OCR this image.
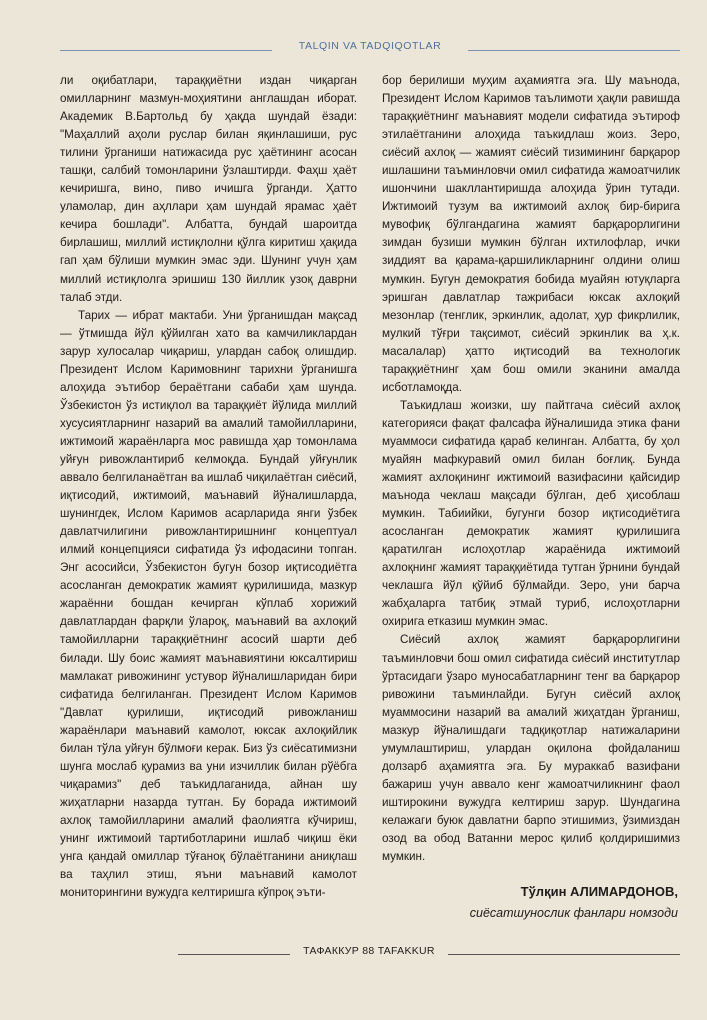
TALQIN VA TADQIQOTLAR

ли оқибатлари, тараққиётни издан чиқарган омилларнинг мазмун-моҳиятини англашдан иборат. Академик В.Бартольд бу ҳақда шундай ёзади: "Маҳаллий аҳоли руслар билан яқинлашиши, рус тилини ўрганиши натижасида рус ҳаётининг асосан ташқи, салбий томонларини ўзлаштирди. Фаҳш ҳаёт кечиришга, вино, пиво ичишга ўрганди. Ҳатто уламолар, дин аҳллари ҳам шундай ярамас ҳаёт кечира бошлади". Албатта, бундай шароитда бирлашиш, миллий истиқлолни қўлга киритиш ҳақида гап ҳам бўлиши мумкин эмас эди. Шунинг учун ҳам миллий истиқлолга эришиш 130 йиллик узоқ даврни талаб этди.

Тарих — ибрат мактаби. Уни ўрганишдан мақсад — ўтмишда йўл қўйилган хато ва камчиликлардан зарур хулосалар чиқариш, улардан сабоқ олишдир. Президент Ислом Каримовнинг тарихни ўрганишга алоҳида эътибор бераётгани сабаби ҳам шунда. Ўзбекистон ўз истиқлол ва тараққиёт йўлида миллий хусусиятларнинг назарий ва амалий тамойилларини, ижтимоий жараёнларга мос равишда ҳар томонлама уйғун ривожлантириб келмоқда. Бундай уйғунлик аввало белгиланаётган ва ишлаб чиқилаётган сиёсий, иқтисодий, ижтимоий, маънавий йўналишларда, шунингдек, Ислом Каримов асарларида янги ўзбек давлатчилигини ривожлантиришнинг концептуал илмий концепцияси сифатида ўз ифодасини топган. Энг асосийси, Ўзбекистон бугун бозор иқтисодиётга асосланган демократик жамият қурилишида, мазкур жараённи бошдан кечирган кўплаб хорижий давлатлардан фарқли ўлароқ, маънавий ва ахлоқий тамойилларни тараққиётнинг асосий шарти деб билади. Шу боис жамият маънавиятини юксалтириш мамлакат ривожининг устувор йўналишларидан бири сифатида белгиланган. Президент Ислом Каримов "Давлат қурилиши, иқтисодий ривожланиш жараёнлари маънавий камолот, юксак ахлоқийлик билан тўла уйғун бўлмоғи керак. Биз ўз сиёсатимизни шунга мослаб қурамиз ва уни изчиллик билан рўёбга чиқарамиз" деб таъкидлаганида, айнан шу жиҳатларни назарда тутган. Бу борада ижтимоий ахлоқ тамойилларини амалий фаолиятга кўчириш, унинг ижтимоий тартиботларини ишлаб чиқиш ёки унга қандай омиллар тўғаноқ бўлаётганини аниқлаш ва таҳлил этиш, яъни маънавий камолот мониторингини вужудга келтиришга кўпроқ эъти-

бор берилиши муҳим аҳамиятга эга. Шу маънода, Президент Ислом Каримов таълимоти ҳақли равишда тараққиётнинг маънавият модели сифатида эътироф этилаётганини алоҳида таъкидлаш жоиз. Зеро, сиёсий ахлоқ — жамият сиёсий тизимининг барқарор ишлашини таъминловчи омил сифатида жамоатчилик ишончини шакллантиришда алоҳида ўрин тутади. Ижтимоий тузум ва ижтимоий ахлоқ бир-бирига мувофиқ бўлгандагина жамият барқарорлигини зимдан бузиши мумкин бўлган ихтилофлар, ички зиддият ва қарама-қаршиликларнинг олдини олиш мумкин. Бугун демократия бобида муайян ютуқларга эришган давлатлар тажрибаси юксак ахлоқий мезонлар (тенглик, эркинлик, адолат, ҳур фикрлилик, мулкий тўғри тақсимот, сиёсий эркинлик ва ҳ.к. масалалар) ҳатто иқтисодий ва технологик тараққиётнинг ҳам бош омили эканини амалда исботламоқда.

Таъкидлаш жоизки, шу пайтгача сиёсий ахлоқ категорияси фақат фалсафа йўналишида этика фани муаммоси сифатида қараб келинган. Албатта, бу ҳол муайян мафкуравий омил билан боғлиқ. Бунда жамият ахлоқининг ижтимоий вазифасини қайсидир маънода чеклаш мақсади бўлган, деб ҳисоблаш мумкин. Табиийки, бугунги бозор иқтисодиётига асосланган демократик жамият қурилишига қаратилган ислоҳотлар жараёнида ижтимоий ахлоқнинг жамият тараққиётида тутган ўрнини бундай чеклашга йўл қўйиб бўлмайди. Зеро, уни барча жабҳаларга татбиқ этмай туриб, ислоҳотларни охирига етказиш мумкин эмас.

Сиёсий ахлоқ жамият барқарорлигини таъминловчи бош омил сифатида сиёсий институтлар ўртасидаги ўзаро муносабатларнинг тенг ва барқарор ривожини таъминлайди. Бугун сиёсий ахлоқ муаммосини назарий ва амалий жиҳатдан ўрганиш, мазкур йўналишдаги тадқиқотлар натижаларини умумлаштириш, улардан оқилона фойдаланиш долзарб аҳамиятга эга. Бу мураккаб вазифани бажариш учун аввало кенг жамоатчиликнинг фаол иштирокини вужудга келтириш зарур. Шундагина келажаги буюк давлатни барпо этишимиз, ўзимиздан озод ва обод Ватанни мерос қилиб қолдиришимиз мумкин.

Тўлқин АЛИМАРДОНОВ,
сиёсатшунослик фанлари номзоди
ТАФАККУР 88 TAFAKKUR
